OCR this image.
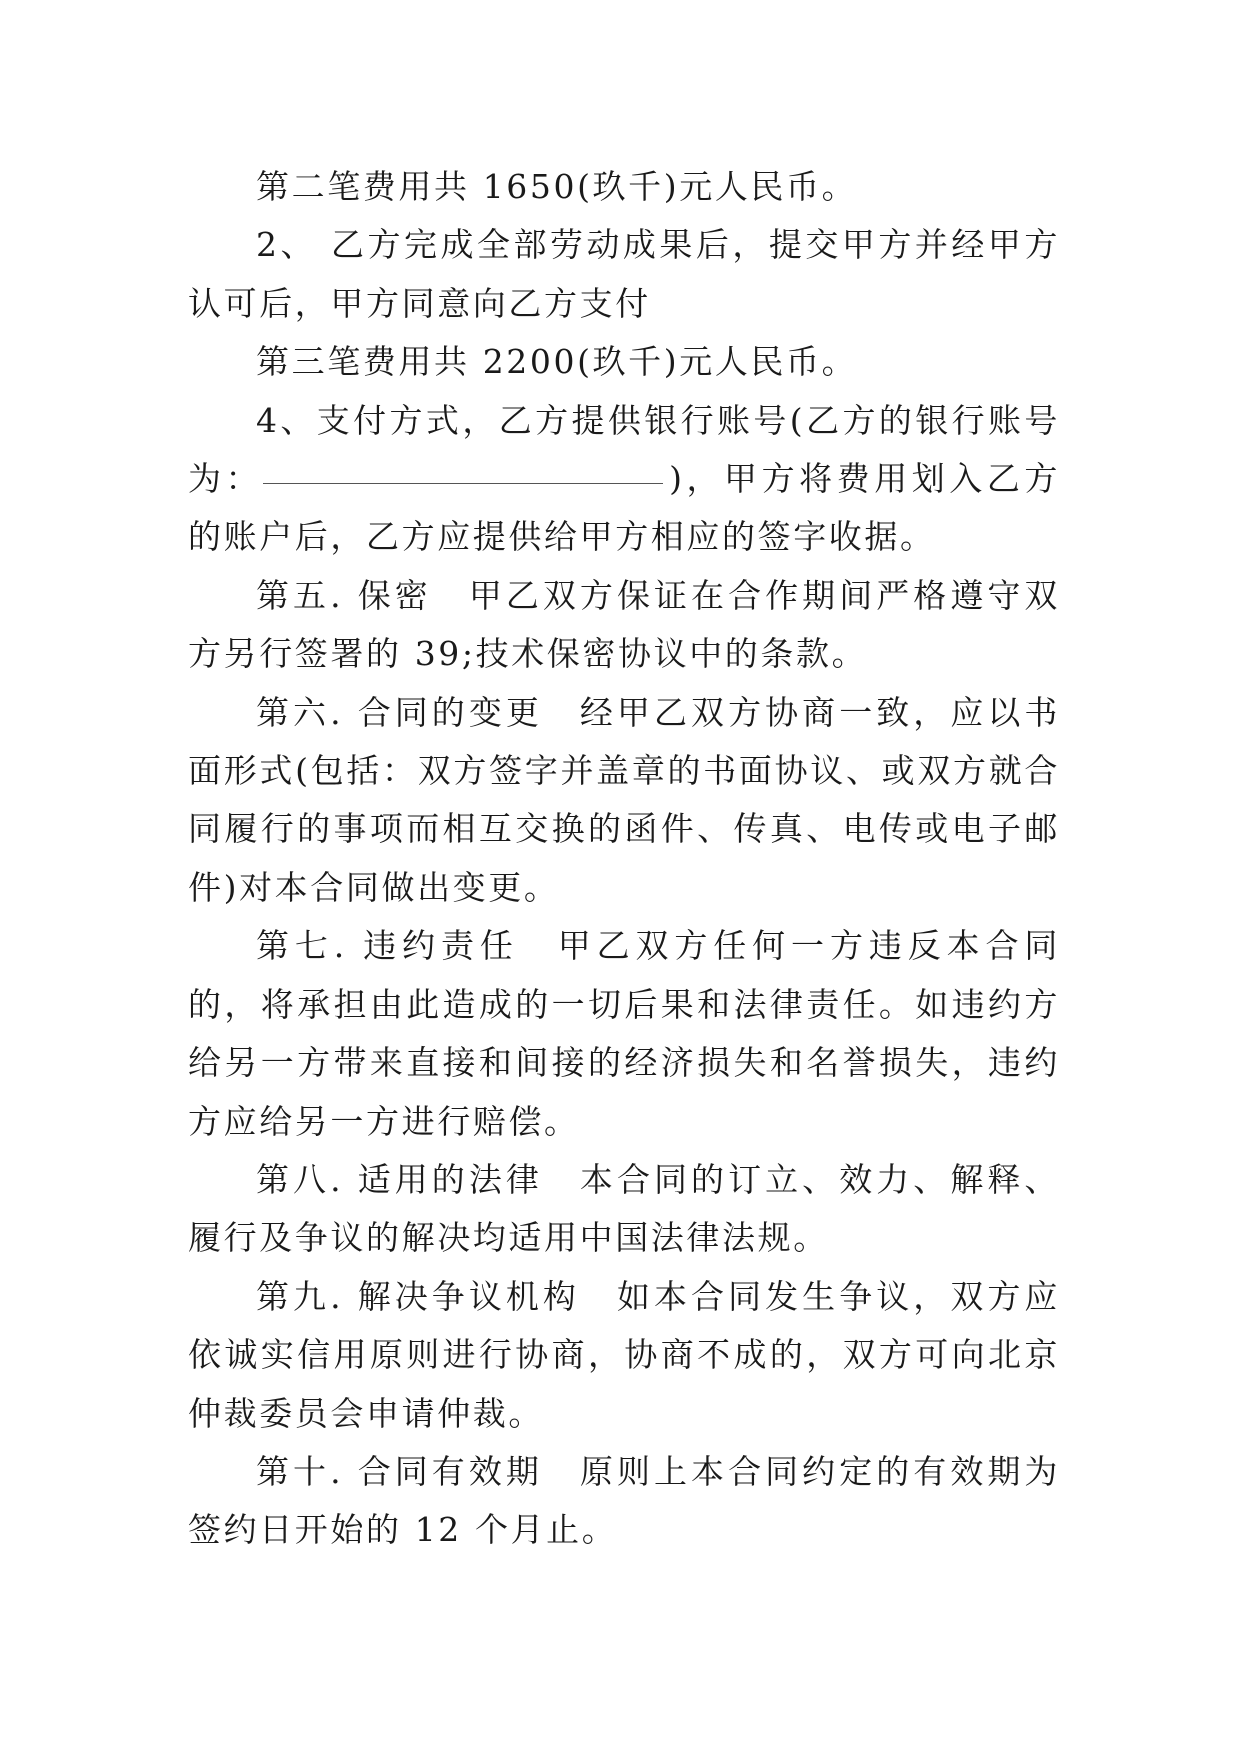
第二笔费用共 1650(玖千)元人民币。

2、 乙方完成全部劳动成果后，提交甲方并经甲方认可后，甲方同意向乙方支付

第三笔费用共 2200(玖千)元人民币。

4、支付方式，乙方提供银行账号(乙方的银行账号为：	)，甲方将费用划入乙方的账户后，乙方应提供给甲方相应的签字收据。

第五. 保密　甲乙双方保证在合作期间严格遵守双方另行签署的 39;技术保密协议中的条款。

第六. 合同的变更　经甲乙双方协商一致，应以书面形式(包括：双方签字并盖章的书面协议、或双方就合同履行的事项而相互交换的函件、传真、电传或电子邮件)对本合同做出变更。

第七. 违约责任　甲乙双方任何一方违反本合同的，将承担由此造成的一切后果和法律责任。如违约方给另一方带来直接和间接的经济损失和名誉损失，违约方应给另一方进行赔偿。

第八. 适用的法律　本合同的订立、效力、解释、履行及争议的解决均适用中国法律法规。

第九. 解决争议机构　如本合同发生争议，双方应依诚实信用原则进行协商，协商不成的，双方可向北京仲裁委员会申请仲裁。

第十. 合同有效期　原则上本合同约定的有效期为签约日开始的 12 个月止。
